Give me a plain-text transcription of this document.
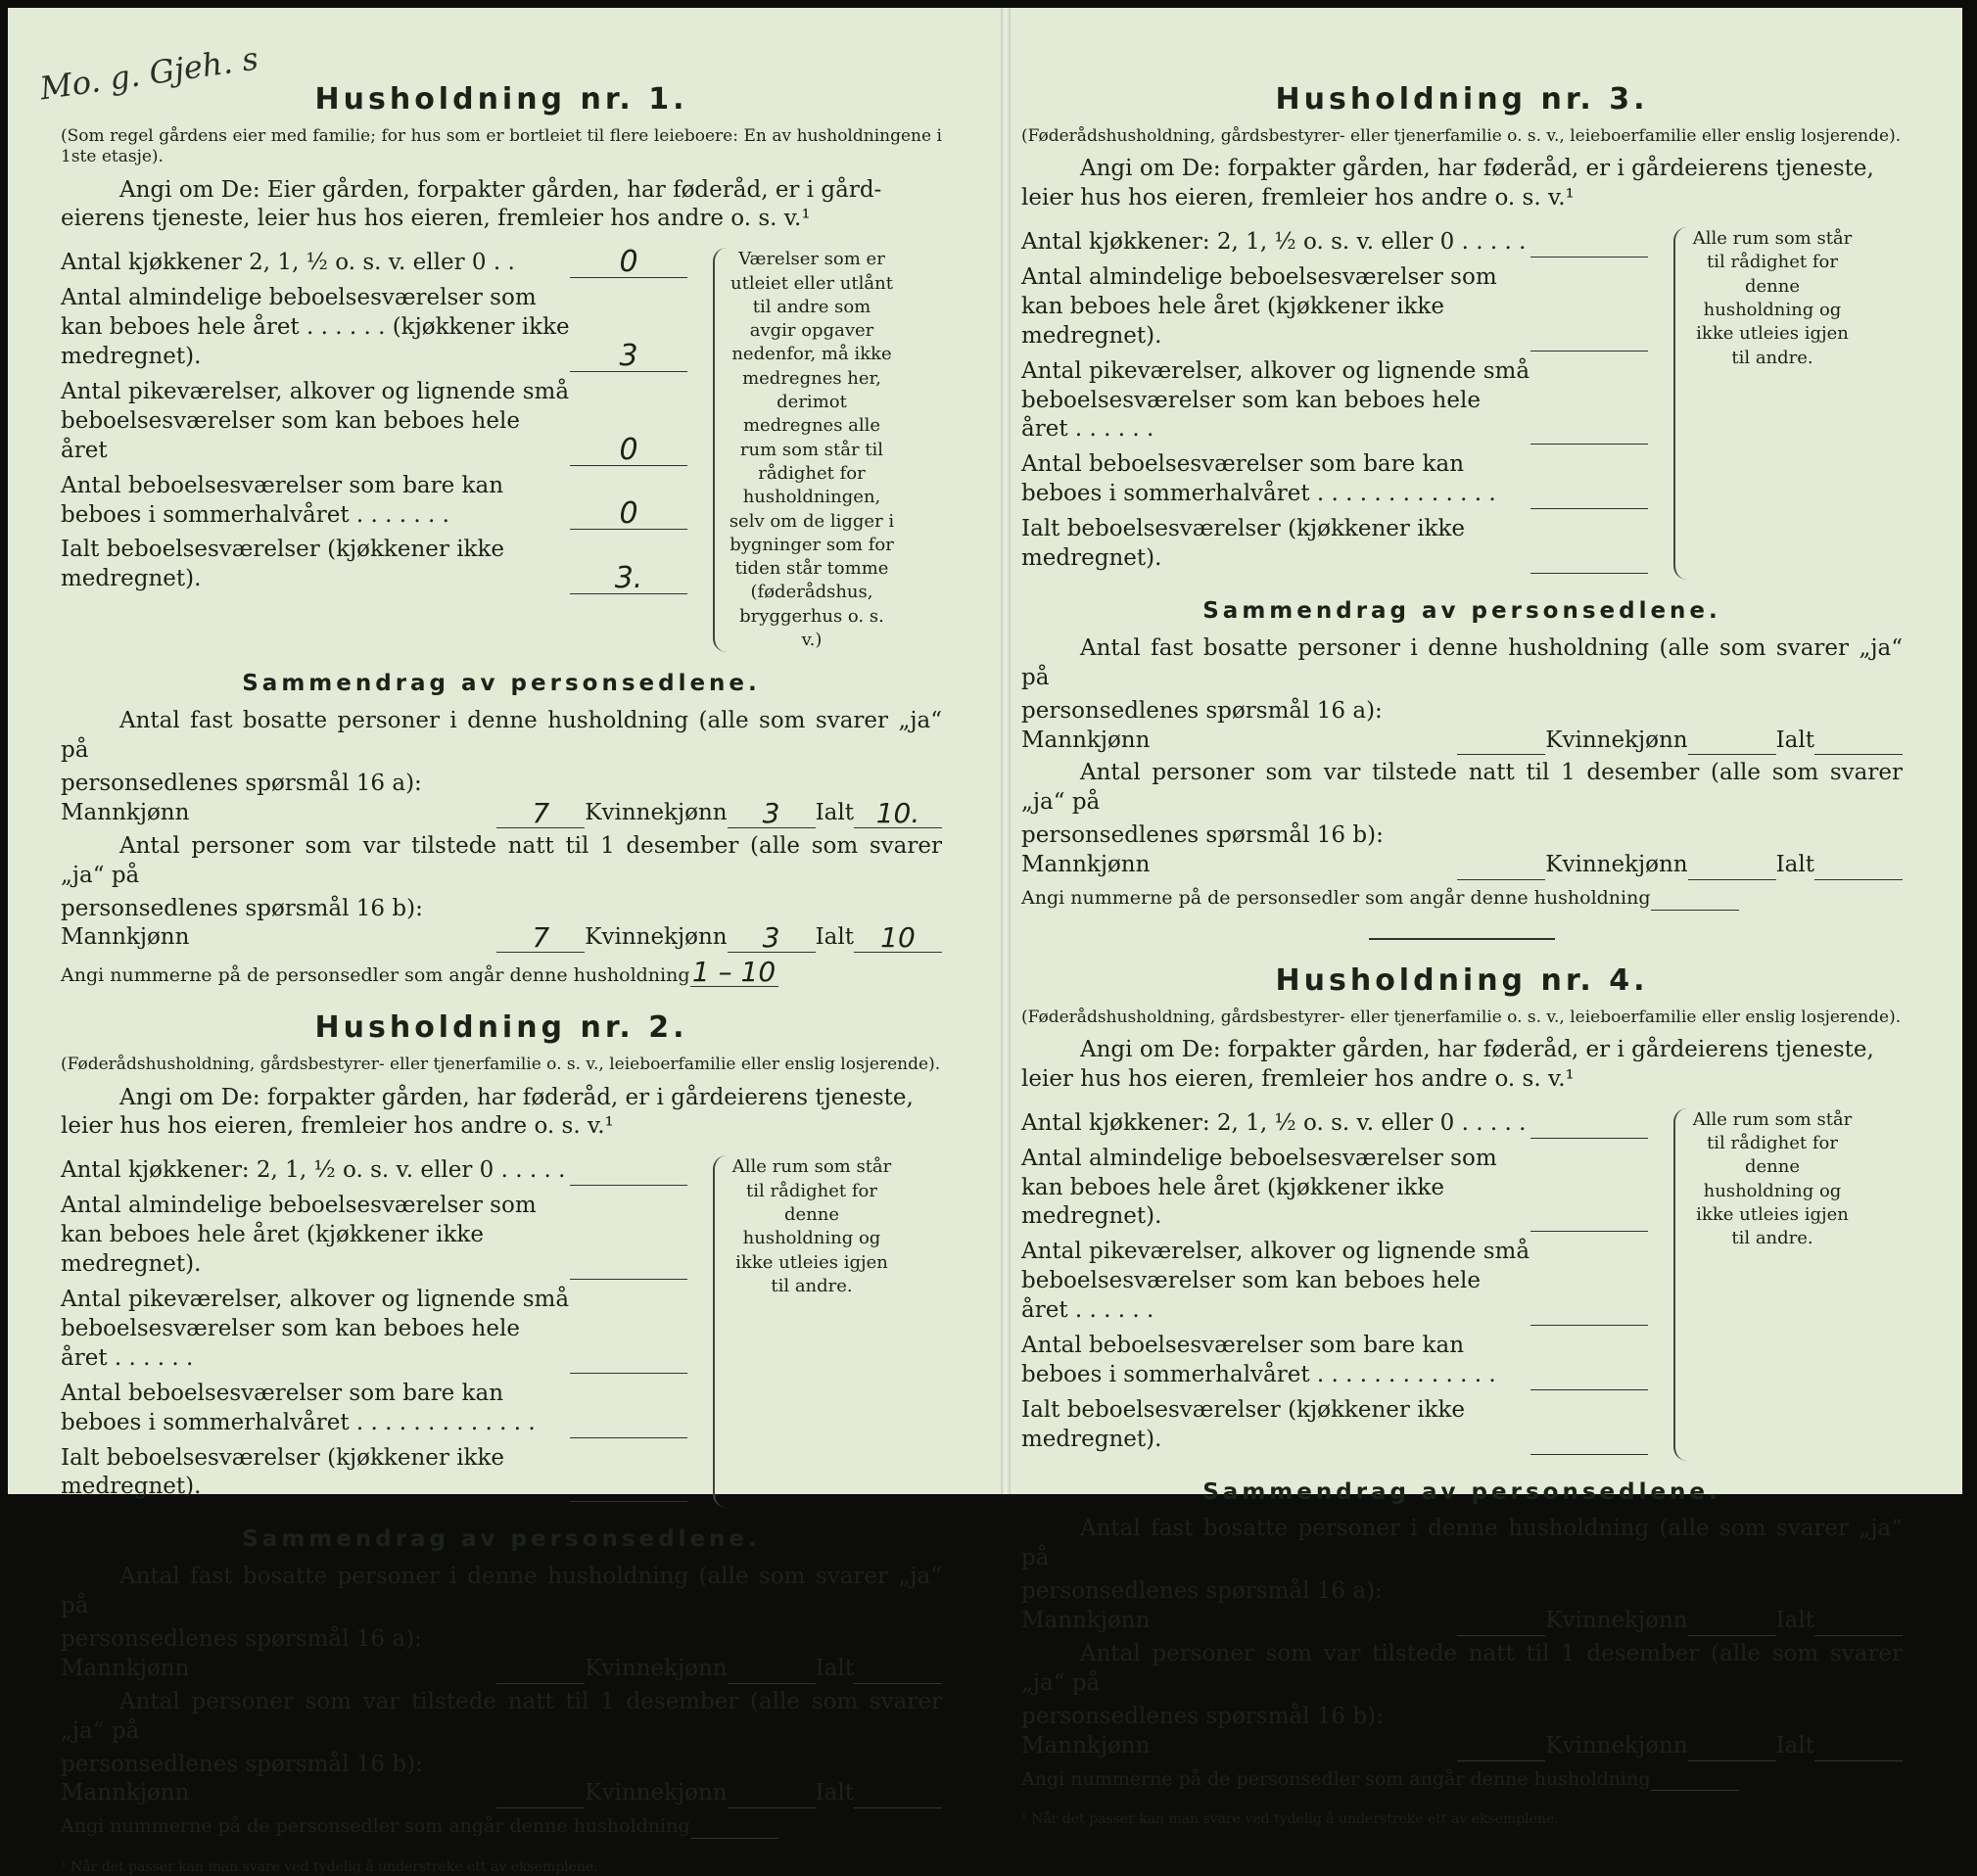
Mo. g. Gjeh. s	Husholdning nr. 1.

(Som regel gårdens eier med familie; for hus som er bortleiet til flere leieboere: En av husholdningene i 1ste etasje).

Angi om De: Eier gården, forpakter gården, har føderåd, er i gård-
eierens tjeneste, leier hus hos eieren, fremleier hos andre o. s. v.¹
Antal kjøkkener 2, 1, ½ o. s. v. eller 0 . .	0
Antal almindelige beboelsesværelser som kan beboes hele året . . . . . . (kjøkkener ikke medregnet).	3
Antal pikeværelser, alkover og lignende små beboelsesværelser som kan beboes hele året	0
Antal beboelsesværelser som bare kan beboes i sommerhalvåret . . . . . . .	0
Ialt beboelsesværelser (kjøkkener ikke medregnet).	3.
Værelser som er utleiet eller utlånt til andre som avgir opgaver nedenfor, må ikke medregnes her, derimot medregnes alle rum som står til rådighet for husholdningen, selv om de ligger i bygninger som for tiden står tomme (føderådshus, bryggerhus o. s. v.)
Sammendrag av personsedlene.

Antal fast bosatte personer i denne husholdning (alle som svarer „ja“ på

personsedlenes spørsmål 16 a): Mannkjønn	7	Kvinnekjønn	3	Ialt 10.

Antal personer som var tilstede natt til 1 desember (alle som svarer „ja“ på

personsedlenes spørsmål 16 b): Mannkjønn	7	Kvinnekjønn	3	Ialt 10
Angi nummerne på de personsedler som angår denne husholdning 1 – 10
Husholdning nr. 2.

(Føderådshusholdning, gårdsbestyrer- eller tjenerfamilie o. s. v., leieboerfamilie eller enslig losjerende).

Angi om De: forpakter gården, har føderåd, er i gårdeierens tjeneste,
leier hus hos eieren, fremleier hos andre o. s. v.¹
Antal kjøkkener: 2, 1, ½ o. s. v. eller 0 . . . . .
Antal almindelige beboelsesværelser som kan beboes hele året (kjøkkener ikke medregnet).
Antal pikeværelser, alkover og lignende små beboelsesværelser som kan beboes hele året . . . . . .
Antal beboelsesværelser som bare kan beboes i sommerhalvåret . . . . . . . . . . . . .
Ialt beboelsesværelser (kjøkkener ikke medregnet).
Alle rum som står til rådighet for denne husholdning og ikke utleies igjen til andre.
Sammendrag av personsedlene.

Antal fast bosatte personer i denne husholdning (alle som svarer „ja“ på

personsedlenes spørsmål 16 a): Mannkjønn	Kvinnekjønn	Ialt

Antal personer som var tilstede natt til 1 desember (alle som svarer „ja“ på

personsedlenes spørsmål 16 b): Mannkjønn	Kvinnekjønn	Ialt
Angi nummerne på de personsedler som angår denne husholdning
¹ Når det passer kan man svare ved tydelig å understreke ett av eksemplene.
Husholdning nr. 3.

(Føderådshusholdning, gårdsbestyrer- eller tjenerfamilie o. s. v., leieboerfamilie eller enslig losjerende).

Angi om De: forpakter gården, har føderåd, er i gårdeierens tjeneste,
leier hus hos eieren, fremleier hos andre o. s. v.¹
Antal kjøkkener: 2, 1, ½ o. s. v. eller 0 . . . . .
Antal almindelige beboelsesværelser som kan beboes hele året (kjøkkener ikke medregnet).
Antal pikeværelser, alkover og lignende små beboelsesværelser som kan beboes hele året . . . . . .
Antal beboelsesværelser som bare kan beboes i sommerhalvåret . . . . . . . . . . . . .
Ialt beboelsesværelser (kjøkkener ikke medregnet).
Alle rum som står til rådighet for denne husholdning og ikke utleies igjen til andre.
Sammendrag av personsedlene.

Antal fast bosatte personer i denne husholdning (alle som svarer „ja“ på

personsedlenes spørsmål 16 a): Mannkjønn	Kvinnekjønn	Ialt

Antal personer som var tilstede natt til 1 desember (alle som svarer „ja“ på

personsedlenes spørsmål 16 b): Mannkjønn	Kvinnekjønn	Ialt
Angi nummerne på de personsedler som angår denne husholdning
Husholdning nr. 4.

(Føderådshusholdning, gårdsbestyrer- eller tjenerfamilie o. s. v., leieboerfamilie eller enslig losjerende).

Angi om De: forpakter gården, har føderåd, er i gårdeierens tjeneste,
leier hus hos eieren, fremleier hos andre o. s. v.¹
Antal kjøkkener: 2, 1, ½ o. s. v. eller 0 . . . . .
Antal almindelige beboelsesværelser som kan beboes hele året (kjøkkener ikke medregnet).
Antal pikeværelser, alkover og lignende små beboelsesværelser som kan beboes hele året . . . . . .
Antal beboelsesværelser som bare kan beboes i sommerhalvåret . . . . . . . . . . . . .
Ialt beboelsesværelser (kjøkkener ikke medregnet).
Alle rum som står til rådighet for denne husholdning og ikke utleies igjen til andre.
Sammendrag av personsedlene.

Antal fast bosatte personer i denne husholdning (alle som svarer „ja“ på

personsedlenes spørsmål 16 a): Mannkjønn	Kvinnekjønn	Ialt

Antal personer som var tilstede natt til 1 desember (alle som svarer „ja“ på

personsedlenes spørsmål 16 b): Mannkjønn	Kvinnekjønn	Ialt
Angi nummerne på de personsedler som angår denne husholdning
¹ Når det passer kan man svare ved tydelig å understreke ett av eksemplene.
